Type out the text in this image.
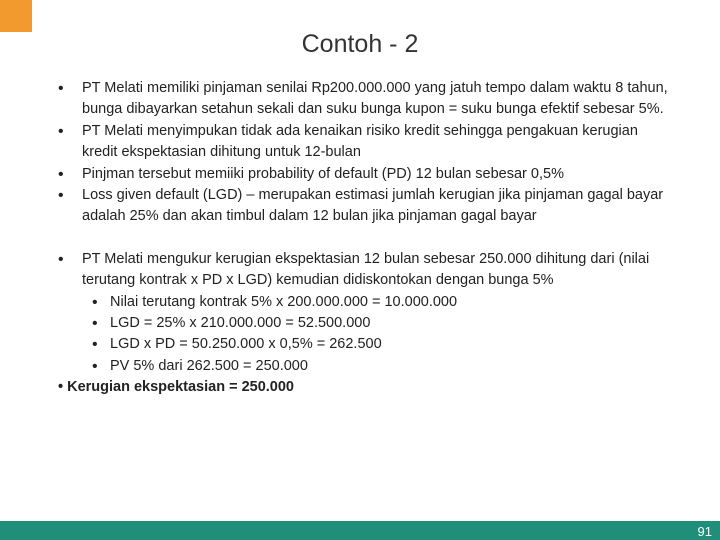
Contoh - 2
• PT Melati memiliki pinjaman senilai Rp200.000.000 yang jatuh tempo dalam waktu 8 tahun, bunga dibayarkan setahun sekali dan suku bunga kupon = suku bunga efektif sebesar 5%.
• PT Melati menyimpukan tidak ada kenaikan risiko kredit sehingga pengakuan kerugian kredit ekspektasian dihitung untuk 12-bulan
• Pinjman tersebut memiiki probability of default (PD) 12 bulan sebesar 0,5%
• Loss given default (LGD) – merupakan estimasi jumlah kerugian jika pinjaman gagal bayar adalah 25% dan akan timbul dalam 12 bulan jika pinjaman gagal bayar
• PT Melati mengukur kerugian ekspektasian 12 bulan sebesar 250.000 dihitung dari (nilai terutang kontrak x PD x LGD) kemudian didiskontokan dengan bunga 5%
• Nilai terutang kontrak 5% x 200.000.000 = 10.000.000
• LGD = 25% x 210.000.000 = 52.500.000
• LGD x PD = 50.250.000 x 0,5% = 262.500
• PV 5% dari 262.500 = 250.000
• Kerugian ekspektasian = 250.000
91
